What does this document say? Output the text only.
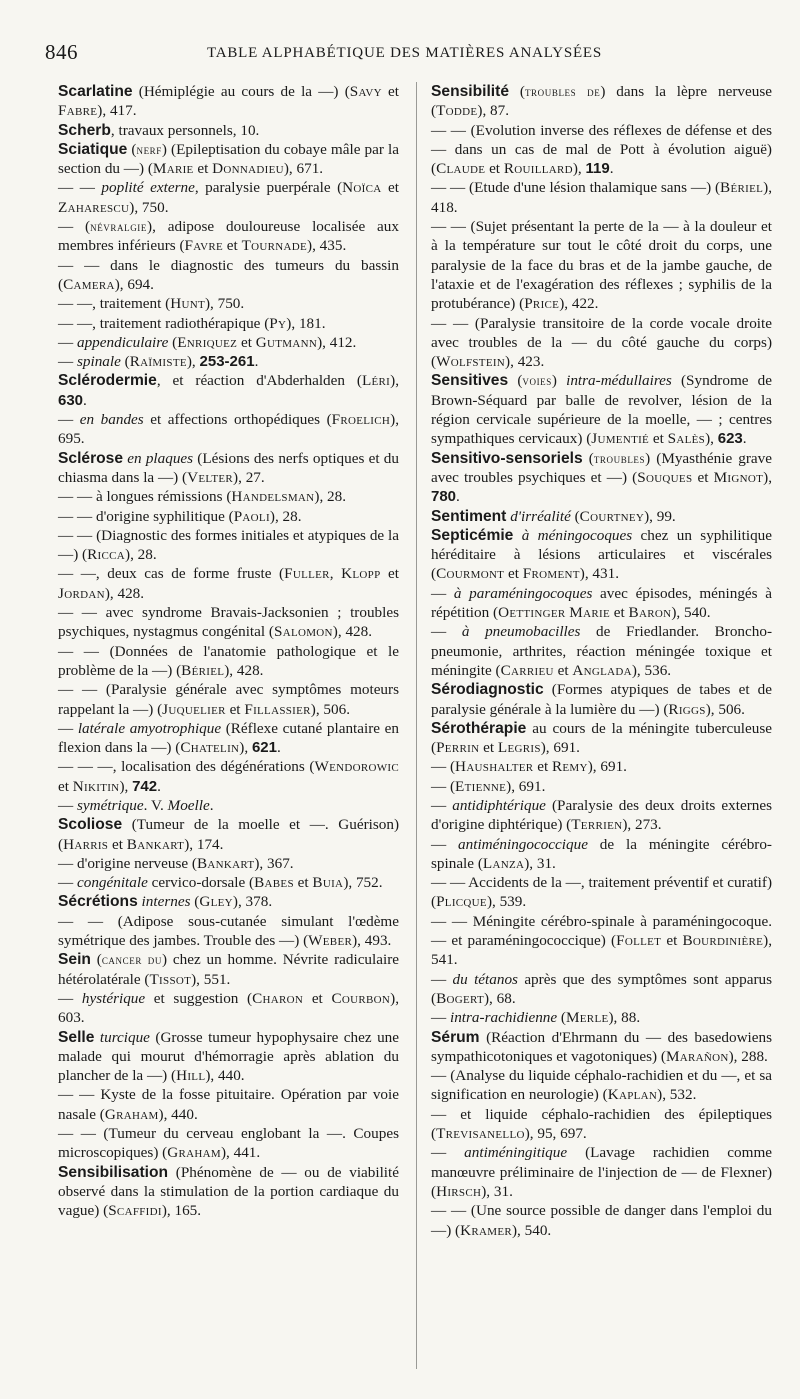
846	TABLE ALPHABÉTIQUE DES MATIÈRES ANALYSÉES

Scarlatine (Hémiplégie au cours de la —) (Savy et Fabre), 417.

Scherb, travaux personnels, 10.

Sciatique (nerf) (Epileptisation du cobaye mâle par la section du —) (Marie et Donnadieu), 671.

— — poplité externe, paralysie puerpérale (Noïca et Zaharescu), 750.

— (névralgie), adipose douloureuse localisée aux membres inférieurs (Favre et Tournade), 435.

— — dans le diagnostic des tumeurs du bassin (Camera), 694.

— —, traitement (Hunt), 750.

— —, traitement radiothérapique (Py), 181.

— appendiculaire (Enriquez et Gutmann), 412.

— spinale (Raïmiste), 253-261.

Sclérodermie, et réaction d'Abderhalden (Léri), 630.

— en bandes et affections orthopédiques (Froelich), 695.

Sclérose en plaques (Lésions des nerfs optiques et du chiasma dans la —) (Velter), 27.

— — à longues rémissions (Handelsman), 28.

— — d'origine syphilitique (Paoli), 28.

— — (Diagnostic des formes initiales et atypiques de la —) (Ricca), 28.

— —, deux cas de forme fruste (Fuller, Klopp et Jordan), 428.

— — avec syndrome Bravais-Jacksonien ; troubles psychiques, nystagmus congénital (Salomon), 428.

— — (Données de l'anatomie pathologique et le problème de la —) (Bériel), 428.

— — (Paralysie générale avec symptômes moteurs rappelant la —) (Juquelier et Fillassier), 506.

— latérale amyotrophique (Réflexe cutané plantaire en flexion dans la —) (Chatelin), 621.

— — —, localisation des dégénérations (Wendorowic et Nikitin), 742.

— symétrique. V. Moelle.

Scoliose (Tumeur de la moelle et —. Guérison) (Harris et Bankart), 174.

— d'origine nerveuse (Bankart), 367.

— congénitale cervico-dorsale (Babes et Buia), 752.

Sécrétions internes (Gley), 378.

— — (Adipose sous-cutanée simulant l'œdème symétrique des jambes. Trouble des —) (Weber), 493.

Sein (cancer du) chez un homme. Névrite radiculaire hétérolatérale (Tissot), 551.

— hystérique et suggestion (Charon et Courbon), 603.

Selle turcique (Grosse tumeur hypophysaire chez une malade qui mourut d'hémorragie après ablation du plancher de la —) (Hill), 440.

— — Kyste de la fosse pituitaire. Opération par voie nasale (Graham), 440.

— — (Tumeur du cerveau englobant la —. Coupes microscopiques) (Graham), 441.

Sensibilisation (Phénomène de — ou de viabilité observé dans la stimulation de la portion cardiaque du vague) (Scaffidi), 165.

Sensibilité (troubles de) dans la lèpre nerveuse (Todde), 87.

— — (Evolution inverse des réflexes de défense et des — dans un cas de mal de Pott à évolution aiguë) (Claude et Rouillard), 119.

— — (Etude d'une lésion thalamique sans —) (Bériel), 418.

— — (Sujet présentant la perte de la — à la douleur et à la température sur tout le côté droit du corps, une paralysie de la face du bras et de la jambe gauche, de l'ataxie et de l'exagération des réflexes ; syphilis de la protubérance) (Price), 422.

— — (Paralysie transitoire de la corde vocale droite avec troubles de la — du côté gauche du corps) (Wolfstein), 423.

Sensitives (voies) intra-médullaires (Syndrome de Brown-Séquard par balle de revolver, lésion de la région cervicale supérieure de la moelle, — ; centres sympathiques cervicaux) (Jumentié et Salès), 623.

Sensitivo-sensoriels (troubles) (Myasthénie grave avec troubles psychiques et —) (Souques et Mignot), 780.

Sentiment d'irréalité (Courtney), 99.

Septicémie à méningocoques chez un syphilitique héréditaire à lésions articulaires et viscérales (Courmont et Froment), 431.

— à paraméningocoques avec épisodes, méningés à répétition (Oettinger Marie et Baron), 540.

— à pneumobacilles de Friedlander. Broncho-pneumonie, arthrites, réaction méningée toxique et méningite (Carrieu et Anglada), 536.

Sérodiagnostic (Formes atypiques de tabes et de paralysie générale à la lumière du —) (Riggs), 506.

Sérothérapie au cours de la méningite tuberculeuse (Perrin et Legris), 691.

— (Haushalter et Remy), 691.

— (Etienne), 691.

— antidiphtérique (Paralysie des deux droits externes d'origine diphtérique) (Terrien), 273.

— antiméningococcique de la méningite cérébro-spinale (Lanza), 31.

— — Accidents de la —, traitement préventif et curatif) (Plicque), 539.

— — Méningite cérébro-spinale à paraméningocoque. — et paraméningococcique) (Follet et Bourdinière), 541.

— du tétanos après que des symptômes sont apparus (Bogert), 68.

— intra-rachidienne (Merle), 88.

Sérum (Réaction d'Ehrmann du — des basedowiens sympathicotoniques et vagotoniques) (Marañon), 288.

— (Analyse du liquide céphalo-rachidien et du —, et sa signification en neurologie) (Kaplan), 532.

— et liquide céphalo-rachidien des épileptiques (Trevisanello), 95, 697.

— antiméningitique (Lavage rachidien comme manœuvre préliminaire de l'injection de — de Flexner) (Hirsch), 31.

— — (Une source possible de danger dans l'emploi du —) (Kramer), 540.
